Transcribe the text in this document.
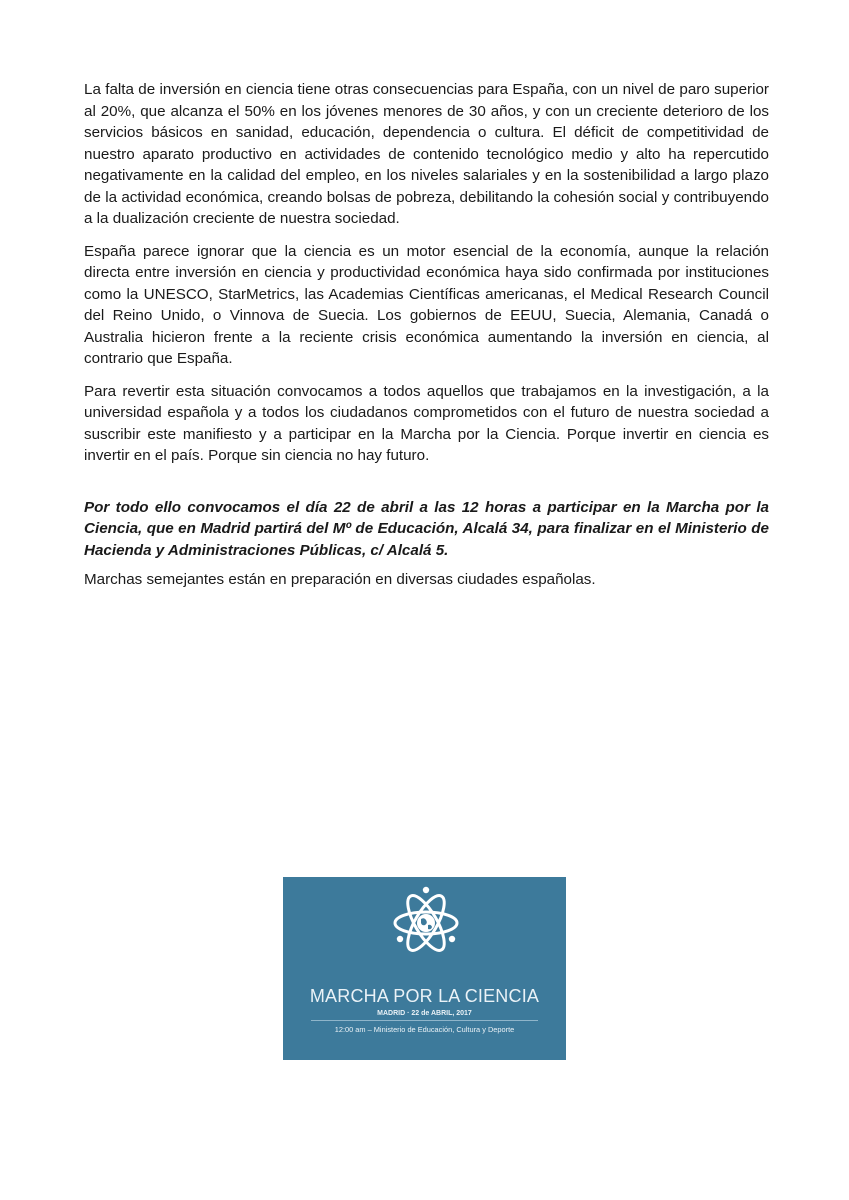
La falta de inversión en ciencia tiene otras consecuencias para España, con un nivel de paro superior al 20%, que alcanza el 50% en los jóvenes menores de 30 años, y con un creciente deterioro de los servicios básicos en sanidad, educación, dependencia o cultura. El déficit de competitividad de nuestro aparato productivo en actividades de contenido tecnológico medio y alto ha repercutido negativamente en la calidad del empleo, en los niveles salariales y en la sostenibilidad a largo plazo de la actividad económica, creando bolsas de pobreza, debilitando la cohesión social y contribuyendo a la dualización creciente de nuestra sociedad.

España parece ignorar que la ciencia es un motor esencial de la economía, aunque la relación directa entre inversión en ciencia y productividad económica haya sido confirmada por instituciones como la UNESCO, StarMetrics, las Academias Científicas americanas, el Medical Research Council del Reino Unido, o Vinnova de Suecia. Los gobiernos de EEUU, Suecia, Alemania, Canadá o Australia hicieron frente a la reciente crisis económica aumentando la inversión en ciencia, al contrario que España.

Para revertir esta situación convocamos a todos aquellos que trabajamos en la investigación, a la universidad española y a todos los ciudadanos comprometidos con el futuro de nuestra sociedad a suscribir este manifiesto y a participar en la Marcha por la Ciencia. Porque invertir en ciencia es invertir en el país. Porque sin ciencia no hay futuro.

Por todo ello convocamos el día 22 de abril a las 12 horas a participar en la Marcha por la Ciencia, que en Madrid partirá del Mº de Educación, Alcalá 34, para finalizar en el Ministerio de Hacienda y Administraciones Públicas, c/ Alcalá 5.

Marchas semejantes están en preparación en diversas ciudades españolas.

MARCHA POR LA CIENCIA
MADRID · 22 de ABRIL, 2017
12:00 am – Ministerio de Educación, Cultura y Deporte
